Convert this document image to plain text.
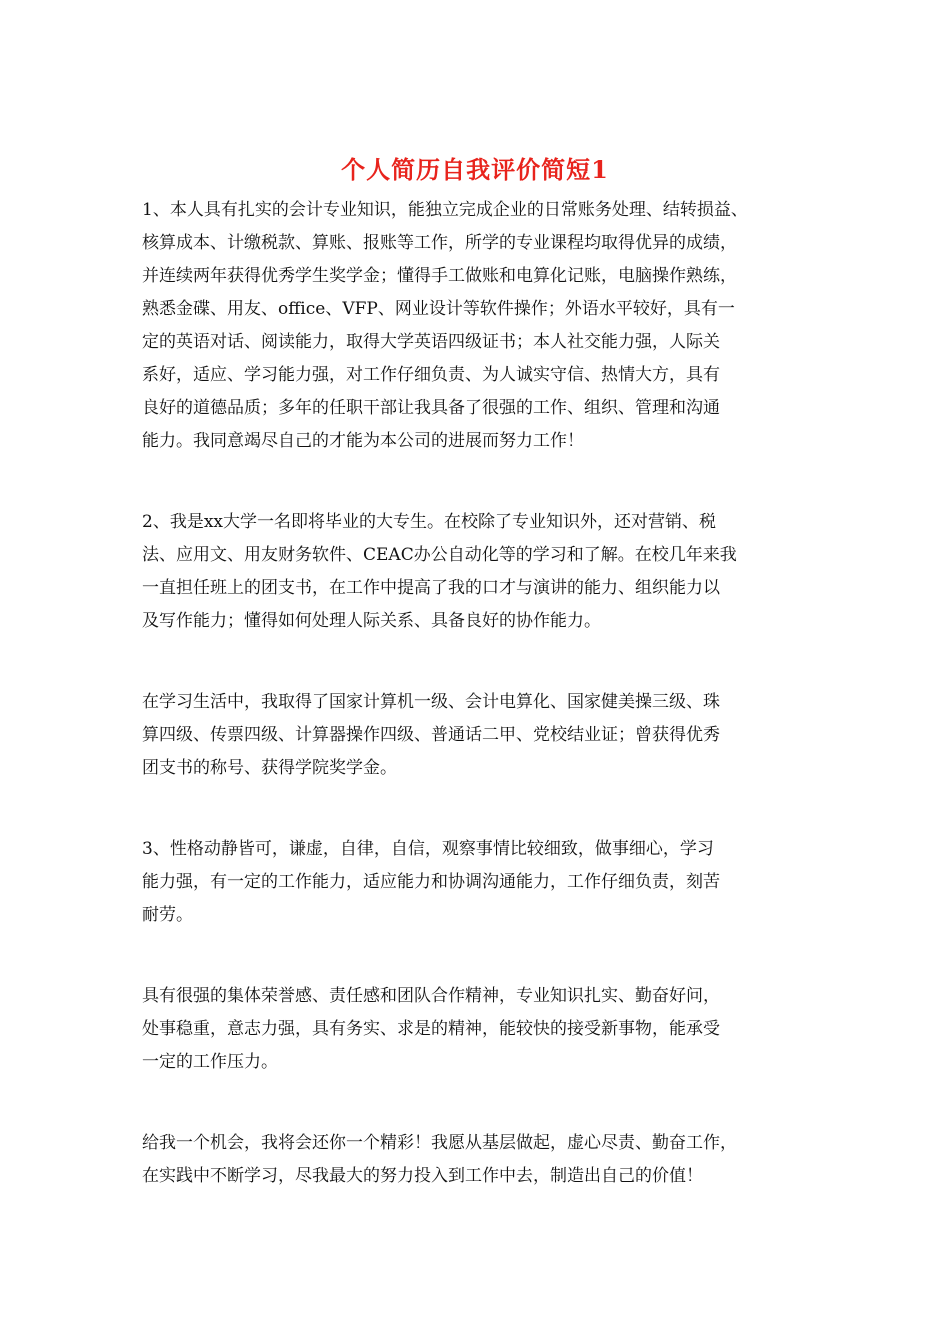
个人简历自我评价简短1
1、本人具有扎实的会计专业知识，能独立完成企业的日常账务处理、结转损益、
核算成本、计缴税款、算账、报账等工作，所学的专业课程均取得优异的成绩，
并连续两年获得优秀学生奖学金；懂得手工做账和电算化记账，电脑操作熟练，
熟悉金碟、用友、office、VFP、网业设计等软件操作；外语水平较好，具有一
定的英语对话、阅读能力，取得大学英语四级证书；本人社交能力强，人际关
系好，适应、学习能力强，对工作仔细负责、为人诚实守信、热情大方，具有
良好的道德品质；多年的任职干部让我具备了很强的工作、组织、管理和沟通
能力。我同意竭尽自己的才能为本公司的进展而努力工作！
2、我是xx大学一名即将毕业的大专生。在校除了专业知识外，还对营销、税
法、应用文、用友财务软件、CEAC办公自动化等的学习和了解。在校几年来我
一直担任班上的团支书，在工作中提高了我的口才与演讲的能力、组织能力以
及写作能力；懂得如何处理人际关系、具备良好的协作能力。
在学习生活中，我取得了国家计算机一级、会计电算化、国家健美操三级、珠
算四级、传票四级、计算器操作四级、普通话二甲、党校结业证；曾获得优秀
团支书的称号、获得学院奖学金。
3、性格动静皆可，谦虚，自律，自信，观察事情比较细致，做事细心，学习
能力强，有一定的工作能力，适应能力和协调沟通能力，工作仔细负责，刻苦
耐劳。
具有很强的集体荣誉感、责任感和团队合作精神，专业知识扎实、勤奋好问，
处事稳重，意志力强，具有务实、求是的精神，能较快的接受新事物，能承受
一定的工作压力。
给我一个机会，我将会还你一个精彩！我愿从基层做起，虚心尽责、勤奋工作，
在实践中不断学习，尽我最大的努力投入到工作中去，制造出自己的价值！
